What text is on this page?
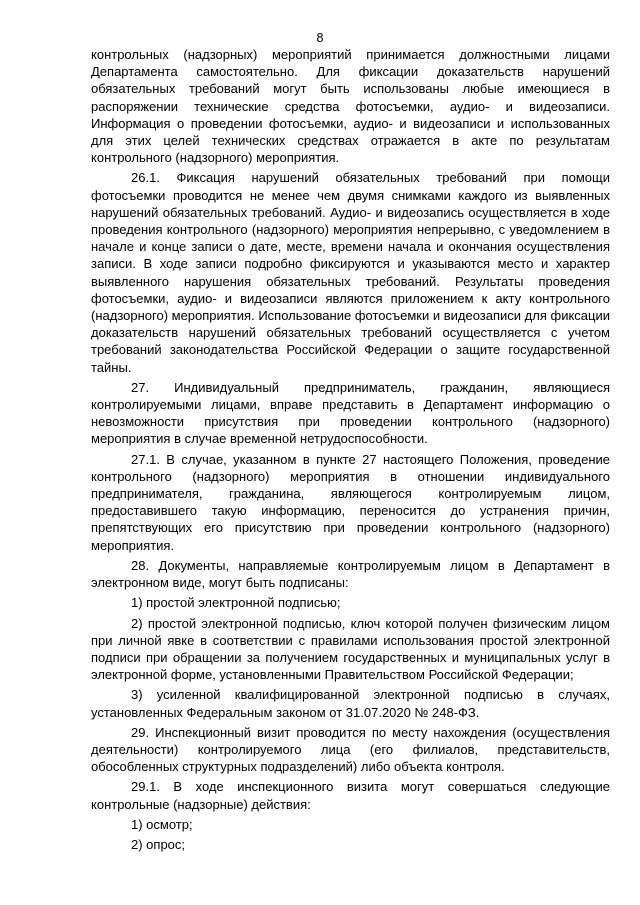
8

контрольных (надзорных) мероприятий принимается должностными лицами Департамента самостоятельно. Для фиксации доказательств нарушений обязательных требований могут быть использованы любые имеющиеся в распоряжении технические средства фотосъемки, аудио- и видеозаписи. Информация о проведении фотосъемки, аудио- и видеозаписи и использованных для этих целей технических средствах отражается в акте по результатам контрольного (надзорного) мероприятия.

26.1. Фиксация нарушений обязательных требований при помощи фотосъемки проводится не менее чем двумя снимками каждого из выявленных нарушений обязательных требований. Аудио- и видеозапись осуществляется в ходе проведения контрольного (надзорного) мероприятия непрерывно, с уведомлением в начале и конце записи о дате, месте, времени начала и окончания осуществления записи. В ходе записи подробно фиксируются и указываются место и характер выявленного нарушения обязательных требований. Результаты проведения фотосъемки, аудио- и видеозаписи являются приложением к акту контрольного (надзорного) мероприятия. Использование фотосъемки и видеозаписи для фиксации доказательств нарушений обязательных требований осуществляется с учетом требований законодательства Российской Федерации о защите государственной тайны.

27. Индивидуальный предприниматель, гражданин, являющиеся контролируемыми лицами, вправе представить в Департамент информацию о невозможности присутствия при проведении контрольного (надзорного) мероприятия в случае временной нетрудоспособности.

27.1. В случае, указанном в пункте 27 настоящего Положения, проведение контрольного (надзорного) мероприятия в отношении индивидуального предпринимателя, гражданина, являющегося контролируемым лицом, предоставившего такую информацию, переносится до устранения причин, препятствующих его присутствию при проведении контрольного (надзорного) мероприятия.

28. Документы, направляемые контролируемым лицом в Департамент в электронном виде, могут быть подписаны:

1) простой электронной подписью;

2) простой электронной подписью, ключ которой получен физическим лицом при личной явке в соответствии с правилами использования простой электронной подписи при обращении за получением государственных и муниципальных услуг в электронной форме, установленными Правительством Российской Федерации;

3) усиленной квалифицированной электронной подписью в случаях, установленных Федеральным законом от 31.07.2020 № 248-ФЗ.

29. Инспекционный визит проводится по месту нахождения (осуществления деятельности) контролируемого лица (его филиалов, представительств, обособленных структурных подразделений) либо объекта контроля.

29.1. В ходе инспекционного визита могут совершаться следующие контрольные (надзорные) действия:

1) осмотр;

2) опрос;
